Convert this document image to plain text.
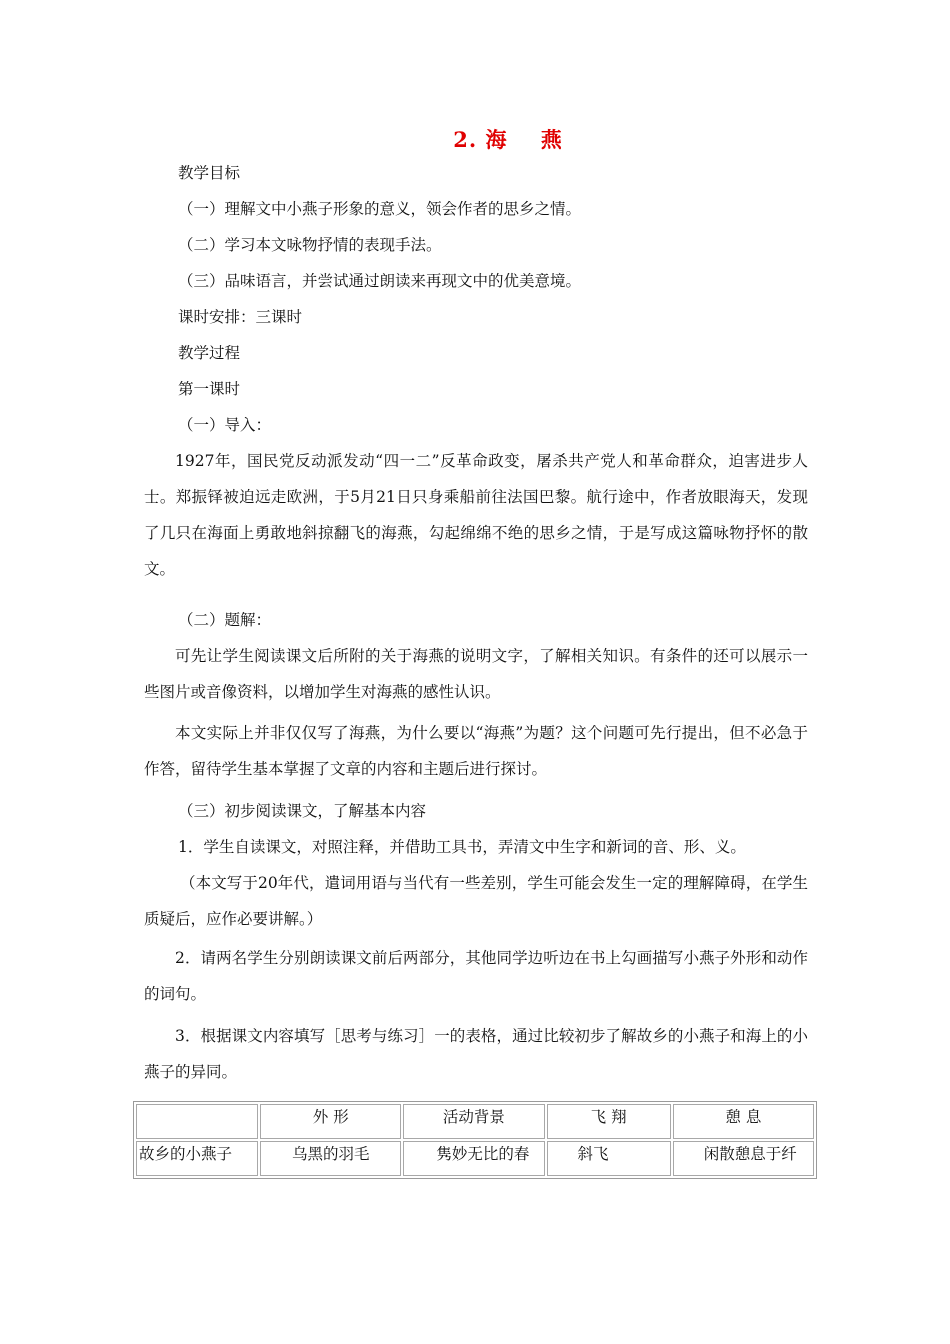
2. 海    燕
教学目标
（一）理解文中小燕子形象的意义，领会作者的思乡之情。
（二）学习本文咏物抒情的表现手法。
（三）品味语言，并尝试通过朗读来再现文中的优美意境。
课时安排：三课时
教学过程
第一课时
（一）导入：
1927年，国民党反动派发动“四一二”反革命政变，屠杀共产党人和革命群众，迫害进步人士。郑振铎被迫远走欧洲，于5月21日只身乘船前往法国巴黎。航行途中，作者放眼海天，发现了几只在海面上勇敢地斜掠翻飞的海燕，勾起绵绵不绝的思乡之情，于是写成这篇咏物抒怀的散文。
（二）题解：
可先让学生阅读课文后所附的关于海燕的说明文字，了解相关知识。有条件的还可以展示一些图片或音像资料，以增加学生对海燕的感性认识。
本文实际上并非仅仅写了海燕，为什么要以“海燕”为题？这个问题可先行提出，但不必急于作答，留待学生基本掌握了文章的内容和主题后进行探讨。
（三）初步阅读课文，了解基本内容
1．学生自读课文，对照注释，并借助工具书，弄清文中生字和新词的音、形、义。
（本文写于20年代，遣词用语与当代有一些差别，学生可能会发生一定的理解障碍，在学生质疑后，应作必要讲解。）
2．请两名学生分别朗读课文前后两部分，其他同学边听边在书上勾画描写小燕子外形和动作的词句。
3．根据课文内容填写［思考与练习］一的表格，通过比较初步了解故乡的小燕子和海上的小燕子的异同。
	外 形	活动背景	飞 翔	憩 息
故乡的小燕子	乌黑的羽毛	隽妙无比的春	斜飞	闲散憩息于纤
